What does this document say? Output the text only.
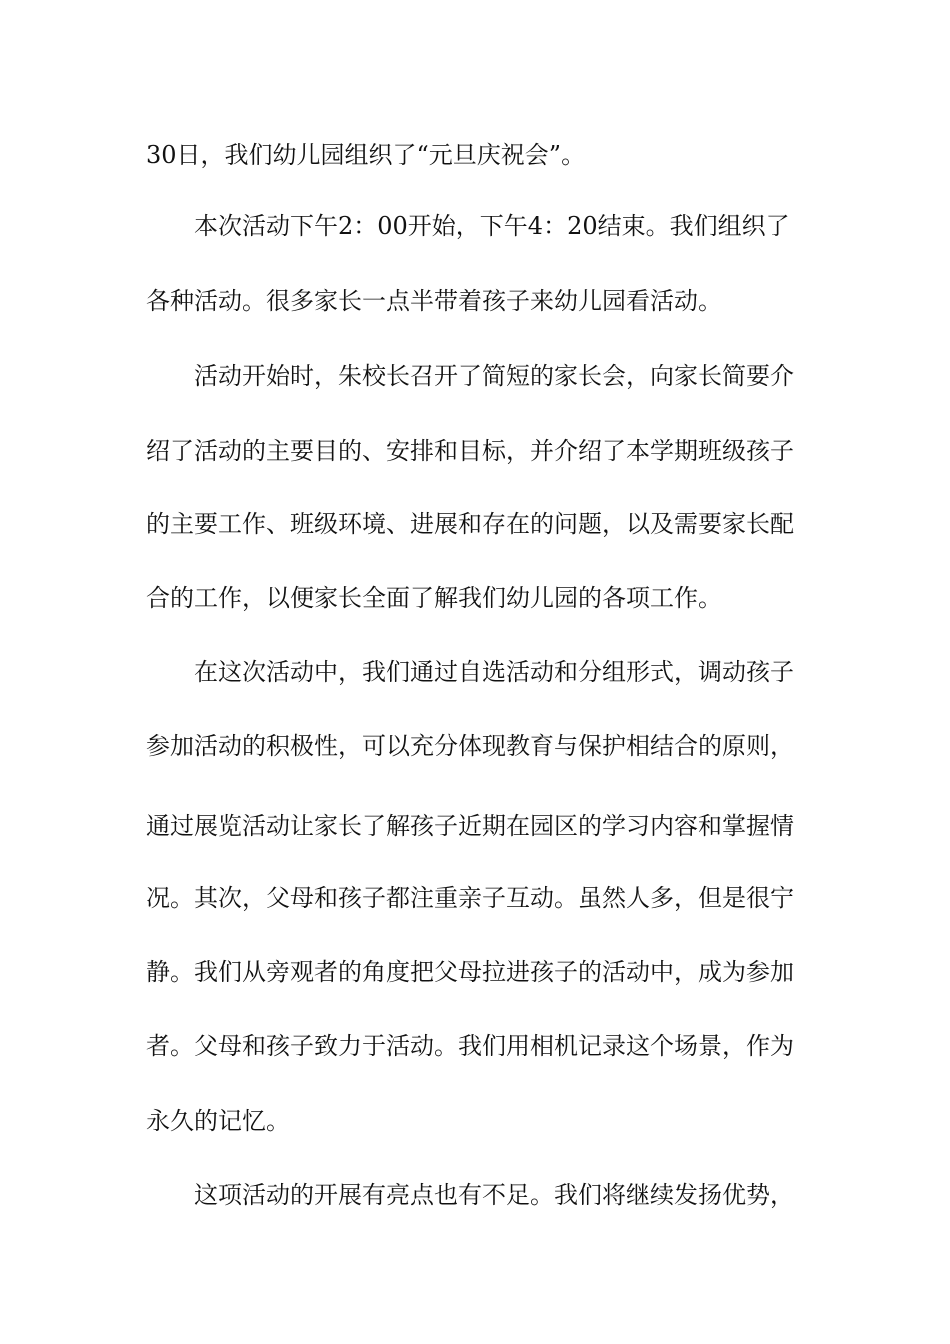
30日，我们幼儿园组织了“元旦庆祝会”。
本次活动下午2：00开始，下午4：20结束。我们组织了
各种活动。很多家长一点半带着孩子来幼儿园看活动。
活动开始时，朱校长召开了简短的家长会，向家长简要介
绍了活动的主要目的、安排和目标，并介绍了本学期班级孩子
的主要工作、班级环境、进展和存在的问题，以及需要家长配
合的工作，以便家长全面了解我们幼儿园的各项工作。
在这次活动中，我们通过自选活动和分组形式，调动孩子
参加活动的积极性，可以充分体现教育与保护相结合的原则，
通过展览活动让家长了解孩子近期在园区的学习内容和掌握情
况。其次，父母和孩子都注重亲子互动。虽然人多，但是很宁
静。我们从旁观者的角度把父母拉进孩子的活动中，成为参加
者。父母和孩子致力于活动。我们用相机记录这个场景，作为
永久的记忆。
这项活动的开展有亮点也有不足。我们将继续发扬优势，
